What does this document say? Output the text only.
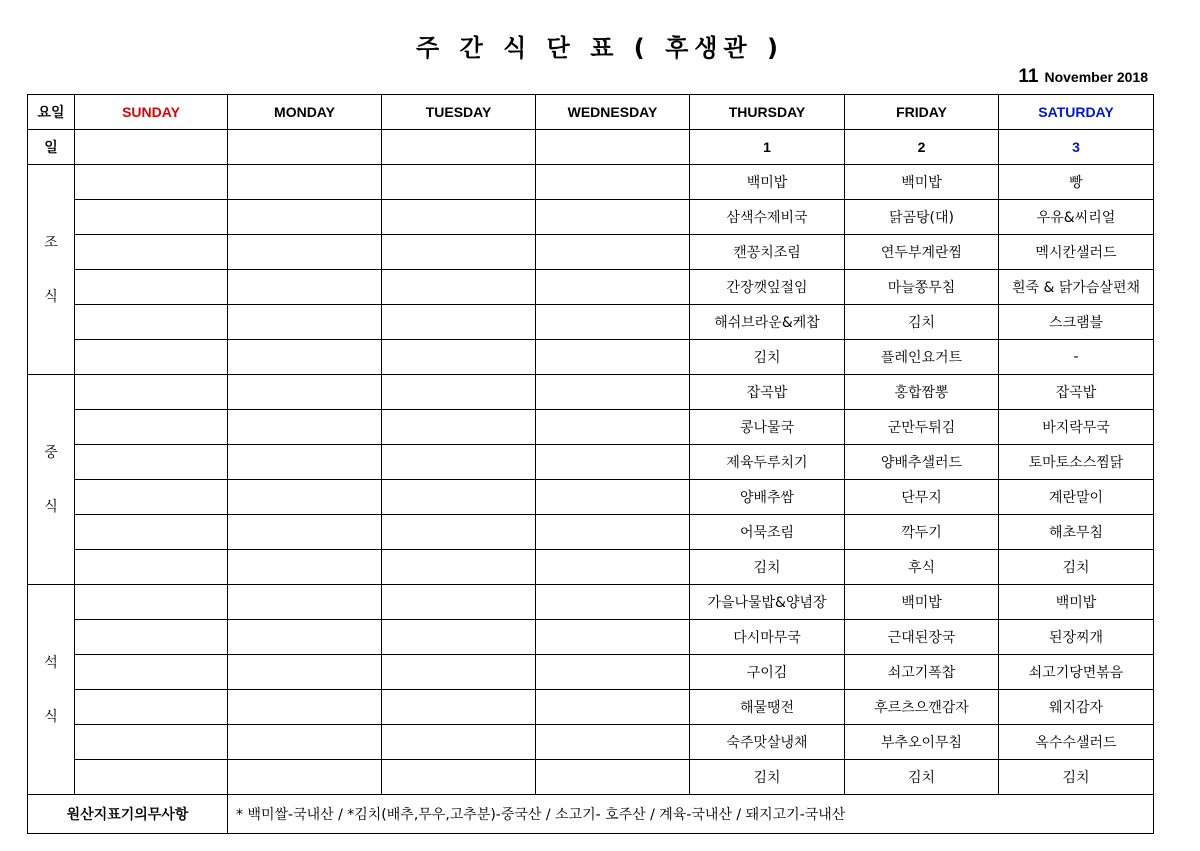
주 간 식 단 표 ( 후생관 )
11 November 2018
요일	SUNDAY	MONDAY	TUESDAY	WEDNESDAY	THURSDAY	FRIDAY	SATURDAY
일					1	2	3

조
식					백미밥	백미밥	빵
					삼색수제비국	닭곰탕(대)	우유&씨리얼
					캔꽁치조림	연두부계란찜	멕시칸샐러드
					간장깻잎절임	마늘쫑무침	흰죽 & 닭가슴살편채
					해쉬브라운&케찹	김치	스크램블
					김치	플레인요거트	-

중
식					잡곡밥	홍합짬뽕	잡곡밥
					콩나물국	군만두튀김	바지락무국
					제육두루치기	양배추샐러드	토마토소스찜닭
					양배추쌈	단무지	계란말이
					어묵조림	깍두기	해초무침
					김치	후식	김치

석
식					가을나물밥&양념장	백미밥	백미밥
					다시마무국	근대된장국	된장찌개
					구이김	쇠고기폭찹	쇠고기당면볶음
					해물땡전	후르츠으깬감자	웨지감자
					숙주맛살냉채	부추오이무침	옥수수샐러드
					김치	김치	김치
원산지표기의무사항		* 백미쌀-국내산 / *김치(배추,무우,고추분)-중국산 / 소고기- 호주산 / 계육-국내산 / 돼지고기-국내산					
